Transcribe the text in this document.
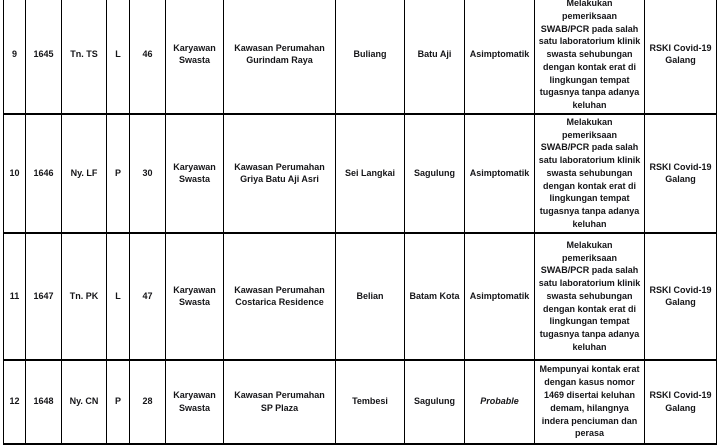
9	1645	Tn. TS	L	46	Karyawan Swasta	Kawasan Perumahan Gurindam Raya	Buliang	Batu Aji	Asimptomatik	Melakukan pemeriksaan SWAB/PCR pada salah satu laboratorium klinik swasta sehubungan dengan kontak erat di lingkungan tempat tugasnya tanpa adanya keluhan	RSKI Covid-19 Galang
10	1646	Ny. LF	P	30	Karyawan Swasta	Kawasan Perumahan Griya Batu Aji Asri	Sei Langkai	Sagulung	Asimptomatik	Melakukan pemeriksaan SWAB/PCR pada salah satu laboratorium klinik swasta sehubungan dengan kontak erat di lingkungan tempat tugasnya tanpa adanya keluhan	RSKI Covid-19 Galang
11	1647	Tn. PK	L	47	Karyawan Swasta	Kawasan Perumahan Costarica Residence	Belian	Batam Kota	Asimptomatik	Melakukan pemeriksaan SWAB/PCR pada salah satu laboratorium klinik swasta sehubungan dengan kontak erat di lingkungan tempat tugasnya tanpa adanya keluhan	RSKI Covid-19 Galang
12	1648	Ny. CN	P	28	Karyawan Swasta	Kawasan Perumahan SP Plaza	Tembesi	Sagulung	Probable	Mempunyai kontak erat dengan kasus nomor 1469 disertai keluhan demam, hilangnya indera penciuman dan perasa	RSKI Covid-19 Galang
